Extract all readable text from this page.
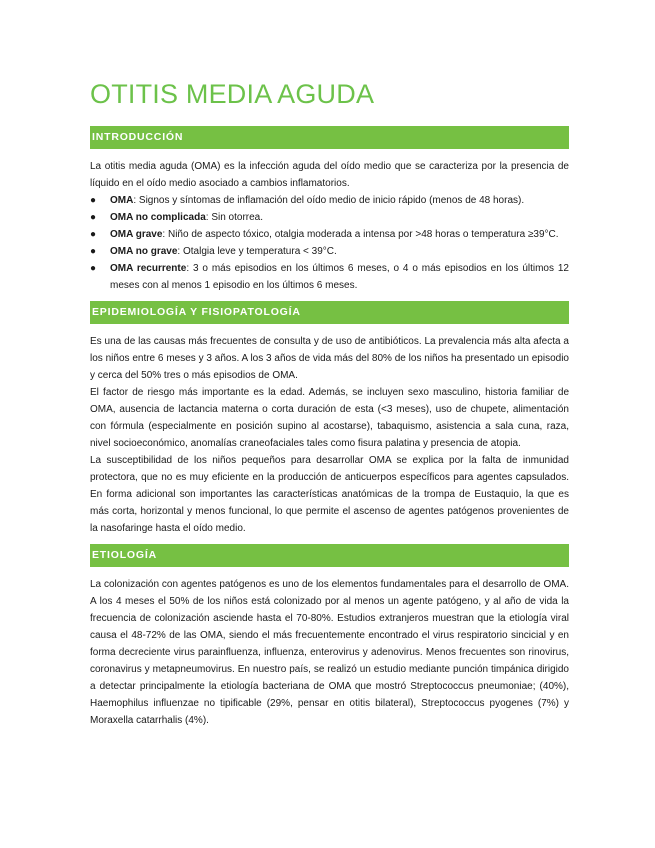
OTITIS MEDIA AGUDA
INTRODUCCIÓN

La otitis media aguda (OMA) es la infección aguda del oído medio que se caracteriza por la presencia de líquido en el oído medio asociado a cambios inflamatorios.

● OMA: Signos y síntomas de inflamación del oído medio de inicio rápido (menos de 48 horas).
● OMA no complicada: Sin otorrea.
● OMA grave: Niño de aspecto tóxico, otalgia moderada a intensa por >48 horas o temperatura ≥39°C.
● OMA no grave: Otalgia leve y temperatura < 39°C.
● OMA recurrente: 3 o más episodios en los últimos 6 meses, o 4 o más episodios en los últimos 12 meses con al menos 1 episodio en los últimos 6 meses.
EPIDEMIOLOGÍA Y FISIOPATOLOGÍA

Es una de las causas más frecuentes de consulta y de uso de antibióticos. La prevalencia más alta afecta a los niños entre 6 meses y 3 años. A los 3 años de vida más del 80% de los niños ha presentado un episodio y cerca del 50% tres o más episodios de OMA.

El factor de riesgo más importante es la edad. Además, se incluyen sexo masculino, historia familiar de OMA, ausencia de lactancia materna o corta duración de esta (<3 meses), uso de chupete, alimentación con fórmula (especialmente en posición supino al acostarse), tabaquismo, asistencia a sala cuna, raza, nivel socioeconómico, anomalías craneofaciales tales como fisura palatina y presencia de atopia.

La susceptibilidad de los niños pequeños para desarrollar OMA se explica por la falta de inmunidad protectora, que no es muy eficiente en la producción de anticuerpos específicos para agentes capsulados. En forma adicional son importantes las características anatómicas de la trompa de Eustaquio, la que es más corta, horizontal y menos funcional, lo que permite el ascenso de agentes patógenos provenientes de la nasofaringe hasta el oído medio.

ETIOLOGÍA

La colonización con agentes patógenos es uno de los elementos fundamentales para el desarrollo de OMA. A los 4 meses el 50% de los niños está colonizado por al menos un agente patógeno, y al año de vida la frecuencia de colonización asciende hasta el 70-80%. Estudios extranjeros muestran que la etiología viral causa el 48-72% de las OMA, siendo el más frecuentemente encontrado el virus respiratorio sincicial y en forma decreciente virus parainfluenza, influenza, enterovirus y adenovirus. Menos frecuentes son rinovirus, coronavirus y metapneumovirus. En nuestro país, se realizó un estudio mediante punción timpánica dirigido a detectar principalmente la etiología bacteriana de OMA que mostró Streptococcus pneumoniae; (40%), Haemophilus influenzae no tipificable (29%, pensar en otitis bilateral), Streptococcus pyogenes (7%) y Moraxella catarrhalis (4%).
